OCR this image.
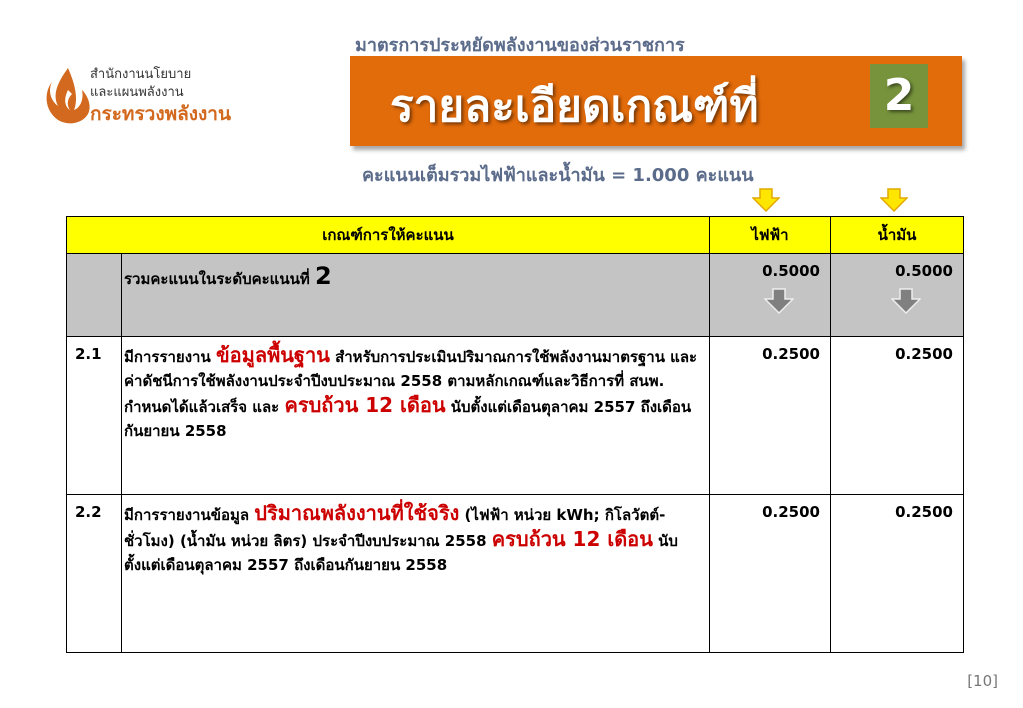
สำนักงานนโยบาย
และแผนพลังงาน
กระทรวงพลังงาน
มาตรการประหยัดพลังงานของส่วนราชการ
รายละเอียดเกณฑ์ที่	2
คะแนนเต็มรวมไฟฟ้าและน้ำมัน = 1.000 คะแนน
เกณฑ์การให้คะแนน		ไฟฟ้า	น้ำมัน
	รวมคะแนนในระดับคะแนนที่ 2	0.5000	0.5000

2.1	มีการรายงาน ข้อมูลพื้นฐาน สำหรับการประเมินปริมาณการใช้พลังงานมาตรฐาน และค่าดัชนีการใช้พลังงานประจำปีงบประมาณ 2558 ตามหลักเกณฑ์และวิธีการที่ สนพ. กำหนดได้แล้วเสร็จ และ ครบถ้วน 12 เดือน นับตั้งแต่เดือนตุลาคม 2557 ถึงเดือนกันยายน 2558	0.2500	0.2500
2.2	มีการรายงานข้อมูล ปริมาณพลังงานที่ใช้จริง (ไฟฟ้า หน่วย kWh; กิโลวัตต์-ชั่วโมง) (น้ำมัน หน่วย ลิตร) ประจำปีงบประมาณ 2558 ครบถ้วน 12 เดือน นับตั้งแต่เดือนตุลาคม 2557 ถึงเดือนกันยายน 2558	0.2500	0.2500
[10]
